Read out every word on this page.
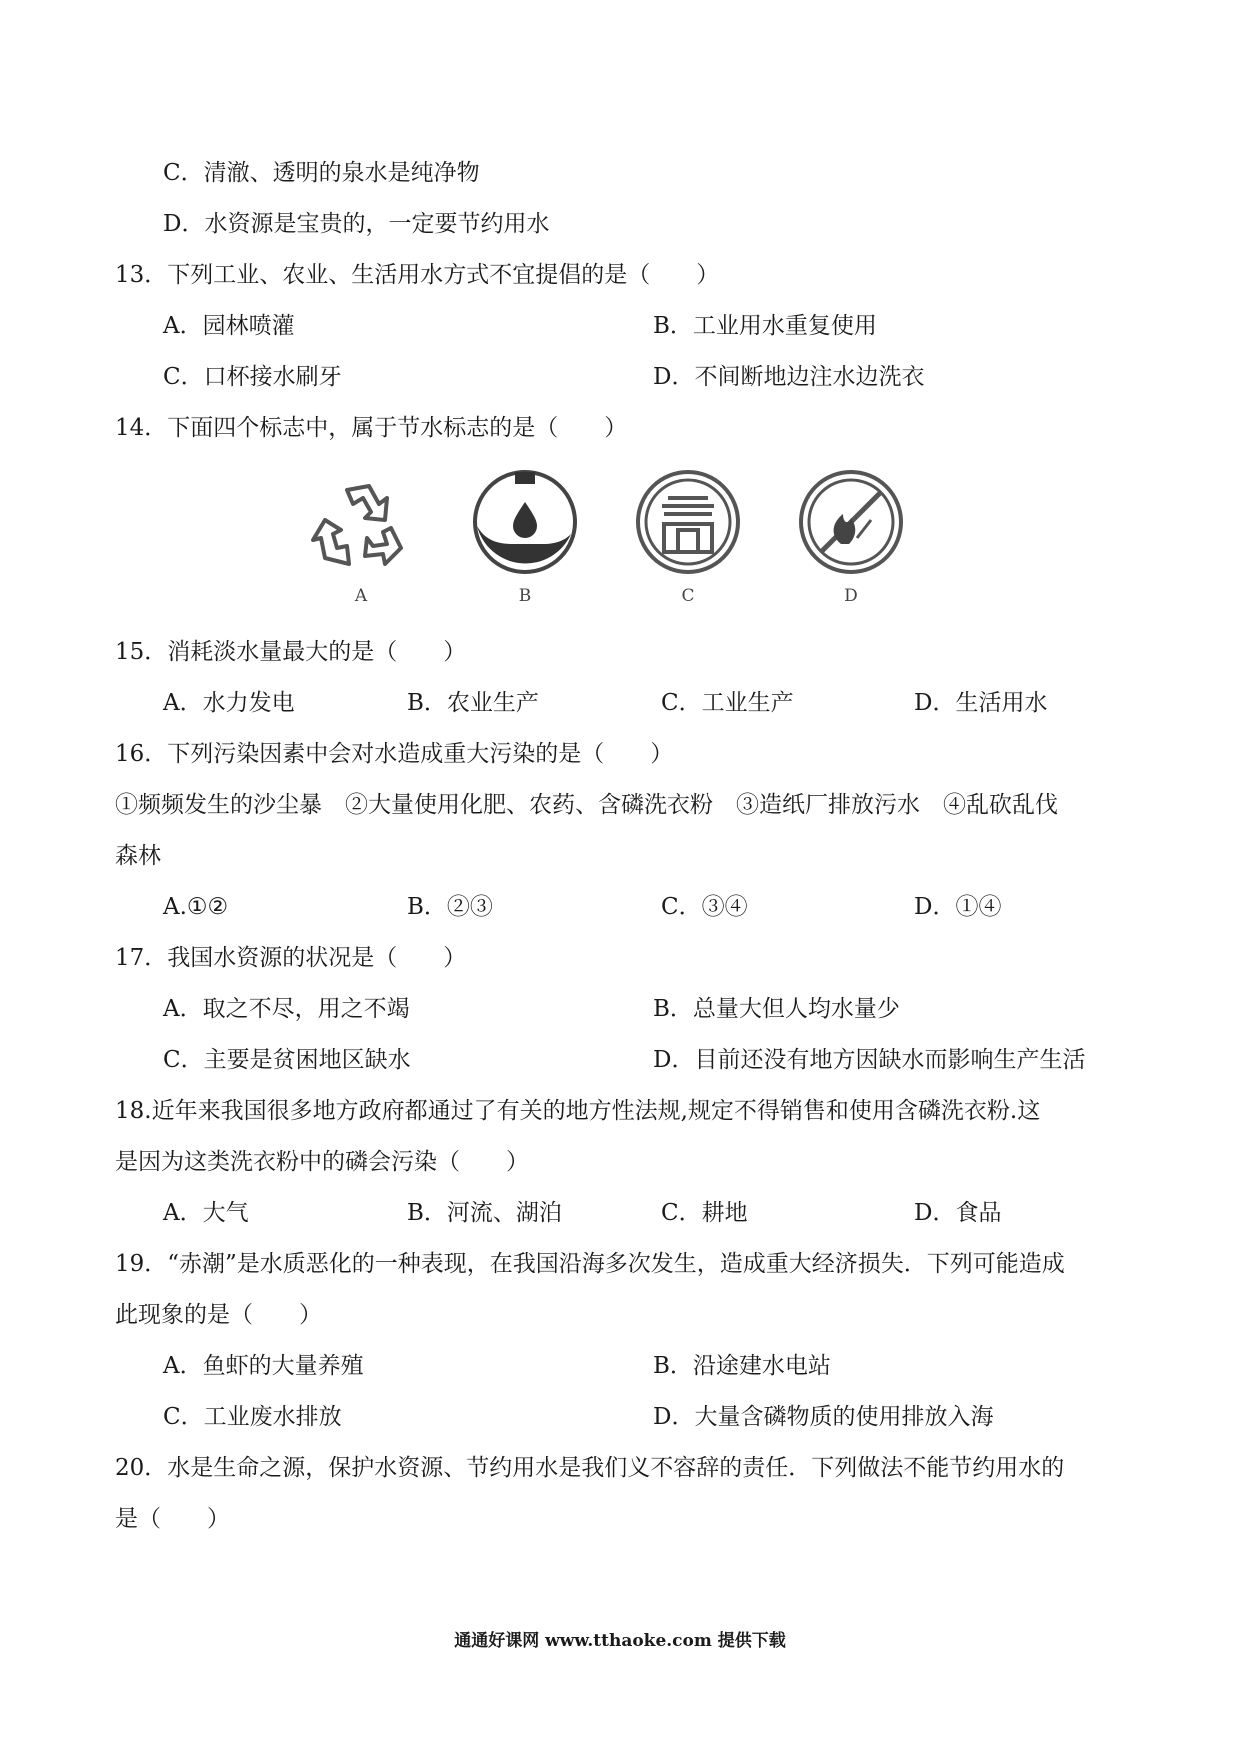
C．清澈、透明的泉水是纯净物
D．水资源是宝贵的，一定要节约用水
13．下列工业、农业、生活用水方式不宜提倡的是（　　）
A．园林喷灌	B．工业用水重复使用
C．口杯接水刷牙	D．不间断地边注水边洗衣
14．下面四个标志中，属于节水标志的是（　　）
A	B	C	D
15．消耗淡水量最大的是（　　）
A．水力发电	B．农业生产	C．工业生产	D．生活用水
16．下列污染因素中会对水造成重大污染的是（　　）
①频频发生的沙尘暴　②大量使用化肥、农药、含磷洗衣粉　③造纸厂排放污水　④乱砍乱伐
森林
A.①②	B．②③	C．③④	D．①④
17．我国水资源的状况是（　　）
A．取之不尽，用之不竭	B．总量大但人均水量少
C．主要是贫困地区缺水	D．目前还没有地方因缺水而影响生产生活
18.近年来我国很多地方政府都通过了有关的地方性法规,规定不得销售和使用含磷洗衣粉.这
是因为这类洗衣粉中的磷会污染（　　）
A．大气	B．河流、湖泊	C．耕地	D．食品
19．“赤潮”是水质恶化的一种表现，在我国沿海多次发生，造成重大经济损失．下列可能造成
此现象的是（　　）
A．鱼虾的大量养殖	B．沿途建水电站
C．工业废水排放	D．大量含磷物质的使用排放入海
20．水是生命之源，保护水资源、节约用水是我们义不容辞的责任．下列做法不能节约用水的
是（　　）
通通好课网 www.tthaoke.com 提供下载
